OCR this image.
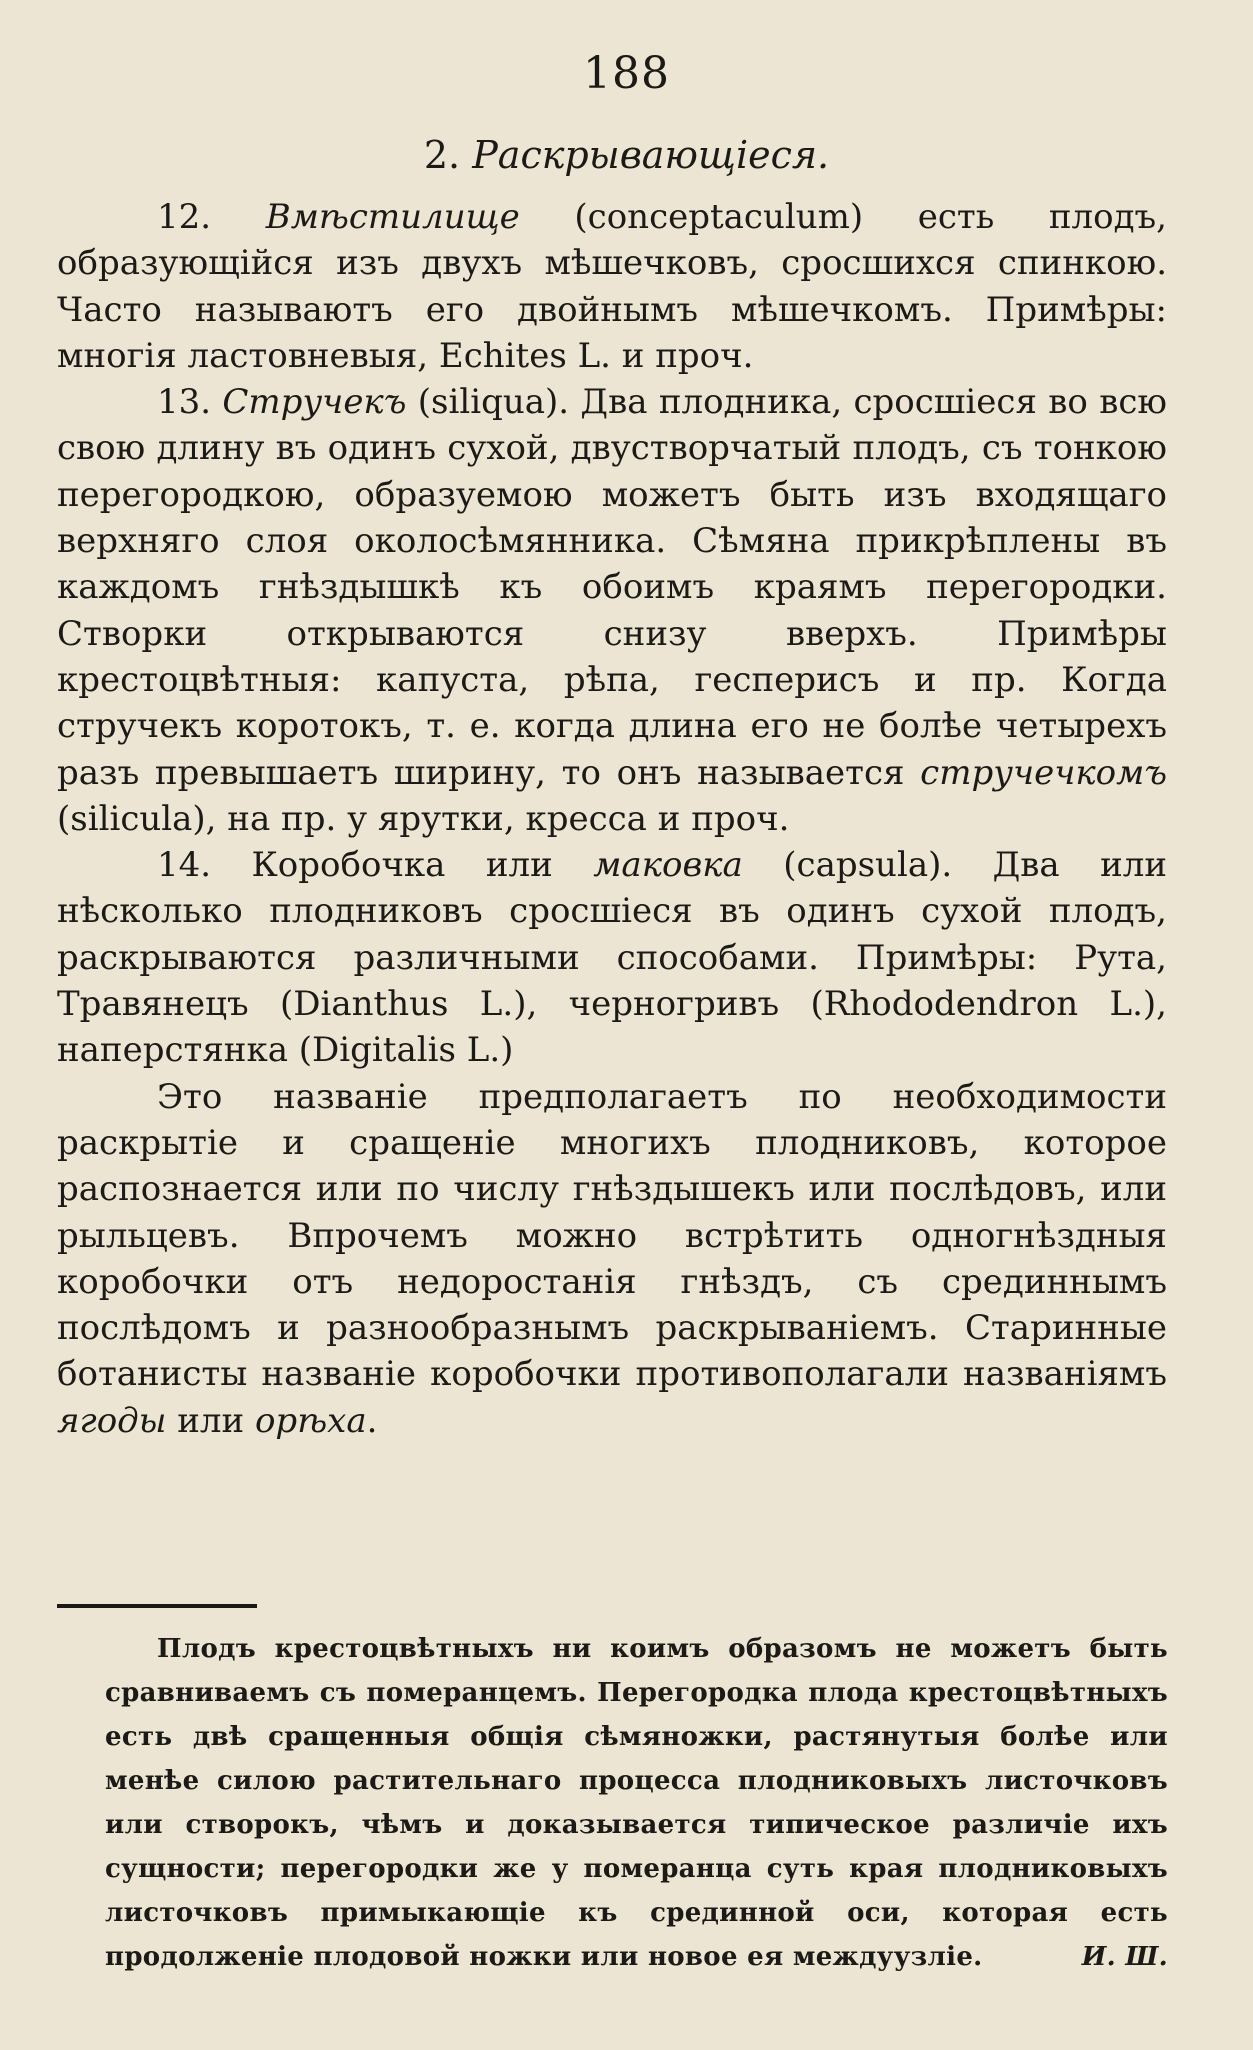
188
2. Раскрывающіеся.

12. Вмѣстилище (conceptaculum) есть плодъ, образующійся изъ двухъ мѣшечковъ, сросшихся спинкою. Часто называютъ его двойнымъ мѣшечкомъ. Примѣры: многія ластовневыя, Echites L. и проч.

13. Стручекъ (siliqua). Два плодника, сросшіеся во всю свою длину въ одинъ сухой, двустворчатый плодъ, съ тонкою перегородкою, образуемою можетъ быть изъ входящаго верхняго слоя околосѣмянника. Сѣмяна прикрѣплены въ каждомъ гнѣздышкѣ къ обоимъ краямъ перегородки. Створки открываются снизу вверхъ. Примѣры крестоцвѣтныя: капуста, рѣпа, гесперисъ и пр. Когда стручекъ коротокъ, т. е. когда длина его не болѣе четырехъ разъ превышаетъ ширину, то онъ называется стручечкомъ (silicula), на пр. у ярутки, кресса и проч.

14. Коробочка или маковка (capsula). Два или нѣсколько плодниковъ сросшіеся въ одинъ сухой плодъ, раскрываются различными способами. Примѣры: Рута, Травянецъ (Dianthus L.), черногривъ (Rhododendron L.), наперстянка (Digitalis L.)

Это названіе предполагаетъ по необходимости раскрытіе и сращеніе многихъ плодниковъ, которое распознается или по числу гнѣздышекъ или послѣдовъ, или рыльцевъ. Впрочемъ можно встрѣтить одногнѣздныя коробочки отъ недоростанія гнѣздъ, съ срединнымъ послѣдомъ и разнообразнымъ раскрываніемъ. Старинные ботанисты названіе коробочки противополагали названіямъ ягоды или орѣха.

Плодъ крестоцвѣтныхъ ни коимъ образомъ не можетъ быть сравниваемъ съ померанцемъ. Перегородка плода крестоцвѣтныхъ есть двѣ сращенныя общія сѣмяножки, растянутыя болѣе или менѣе силою растительнаго процесса плодниковыхъ листочковъ или створокъ, чѣмъ и доказывается типическое различіе ихъ сущности; перегородки же у померанца суть края плодниковыхъ листочковъ примыкающіе къ срединной оси, которая есть продолженіе плодовой ножки или новое ея междуузліе.	И. Ш.
